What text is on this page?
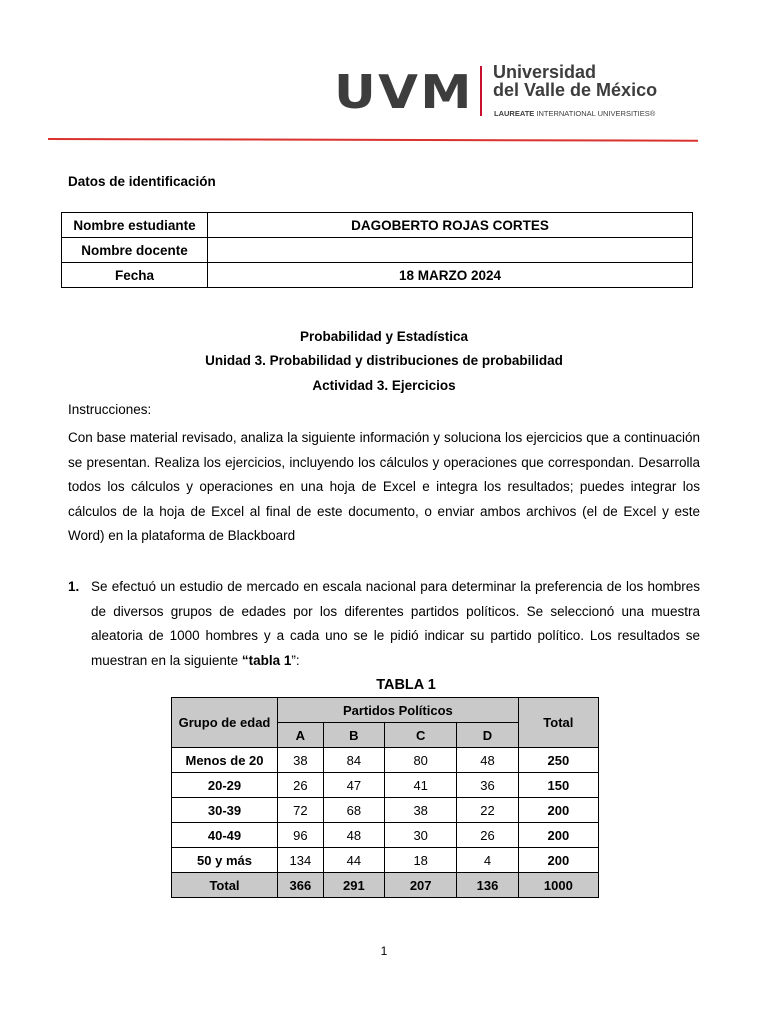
UVM Universidad
del Valle de México
LAUREATE INTERNATIONAL UNIVERSITIES®
Datos de identificación
Nombre estudiante	DAGOBERTO ROJAS CORTES
Nombre docente	
Fecha	18 MARZO 2024
Probabilidad y Estadística
Unidad 3. Probabilidad y distribuciones de probabilidad
Actividad 3. Ejercicios
Instrucciones:
Con base material revisado, analiza la siguiente información y soluciona los ejercicios que a continuación se presentan. Realiza los ejercicios, incluyendo los cálculos y operaciones que correspondan. Desarrolla todos los cálculos y operaciones en una hoja de Excel e integra los resultados; puedes integrar los cálculos de la hoja de Excel al final de este documento, o enviar ambos archivos (el de Excel y este Word) en la plataforma de Blackboard
1. Se efectuó un estudio de mercado en escala nacional para determinar la preferencia de los hombres de diversos grupos de edades por los diferentes partidos políticos. Se seleccionó una muestra aleatoria de 1000 hombres y a cada uno se le pidió indicar su partido político. Los resultados se muestran en la siguiente “tabla 1”:
TABLA 1
Grupo de edad	Partidos Políticos				Total
	A	B	C	D	
Menos de 20	38	84	80	48	250
20-29	26	47	41	36	150
30-39	72	68	38	22	200
40-49	96	48	30	26	200
50 y más	134	44	18	4	200
Total	366	291	207	136	1000
1
